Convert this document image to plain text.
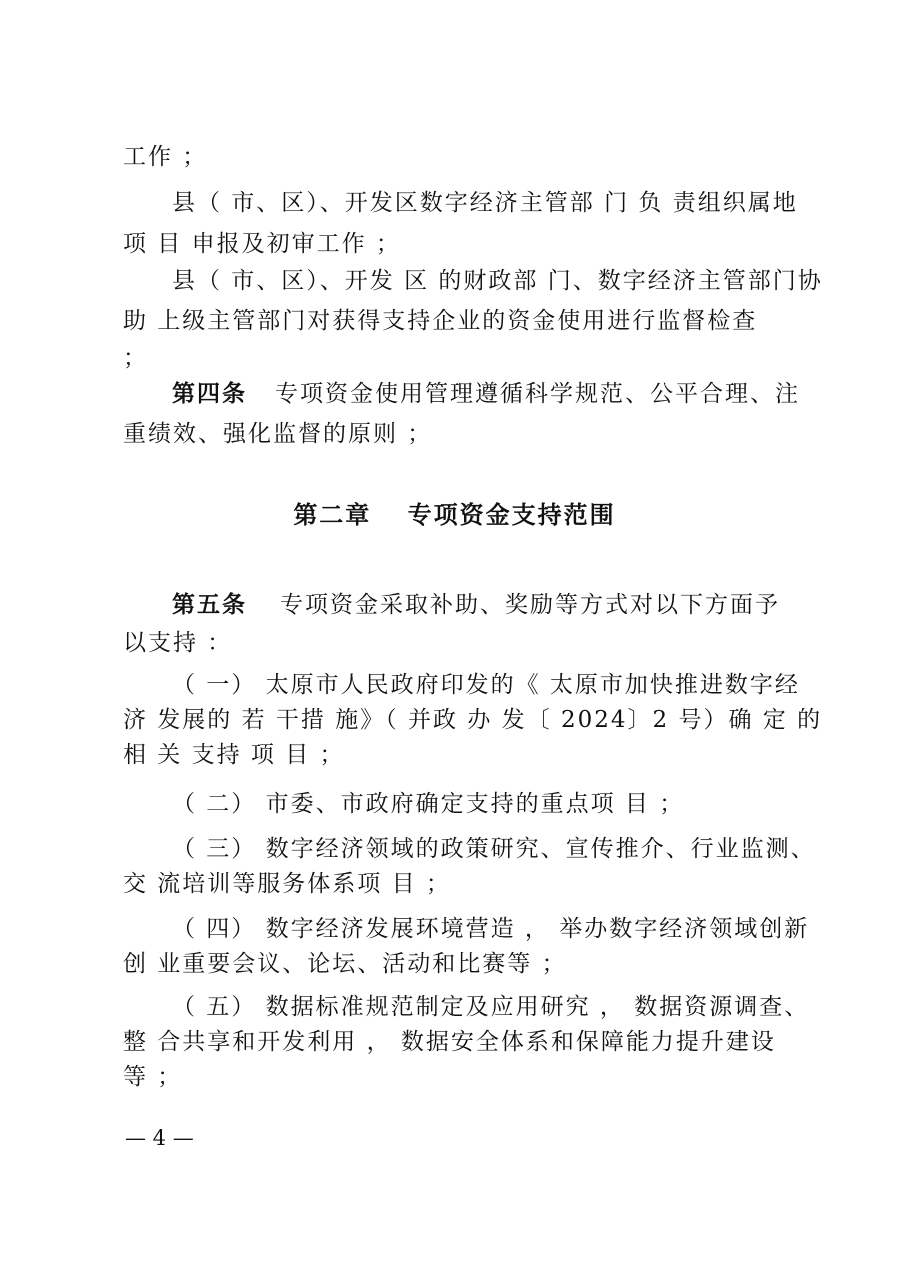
工作 ；
县（ 市、区）、开发区数字经济主管部 门 负 责组织属地
项 目 申报及初审工作 ；
县（ 市、区）、开发 区 的财政部 门、数字经济主管部门协
助 上级主管部门对获得支持企业的资金使用进行监督检查
；
第四条 专项资金使用管理遵循科学规范、公平合理、注
重绩效、强化监督的原则 ；
第二章　 专项资金支持范围
第五条 专项资金采取补助、奖励等方式对以下方面予
以支持 ：
（ 一） 太原市人民政府印发的《 太原市加快推进数字经
济 发展的 若 干措 施》（ 并政 办 发〔 2024〕2 号）确 定 的
相 关 支持 项 目 ；
（ 二） 市委、市政府确定支持的重点项 目 ；
（ 三） 数字经济领域的政策研究、宣传推介、行业监测、
交 流培训等服务体系项 目 ；
（ 四） 数字经济发展环境营造 ， 举办数字经济领域创新
创 业重要会议、论坛、活动和比赛等 ；
（ 五） 数据标准规范制定及应用研究 ， 数据资源调查、
整 合共享和开发利用 ， 数据安全体系和保障能力提升建设
等 ；
— 4 —
